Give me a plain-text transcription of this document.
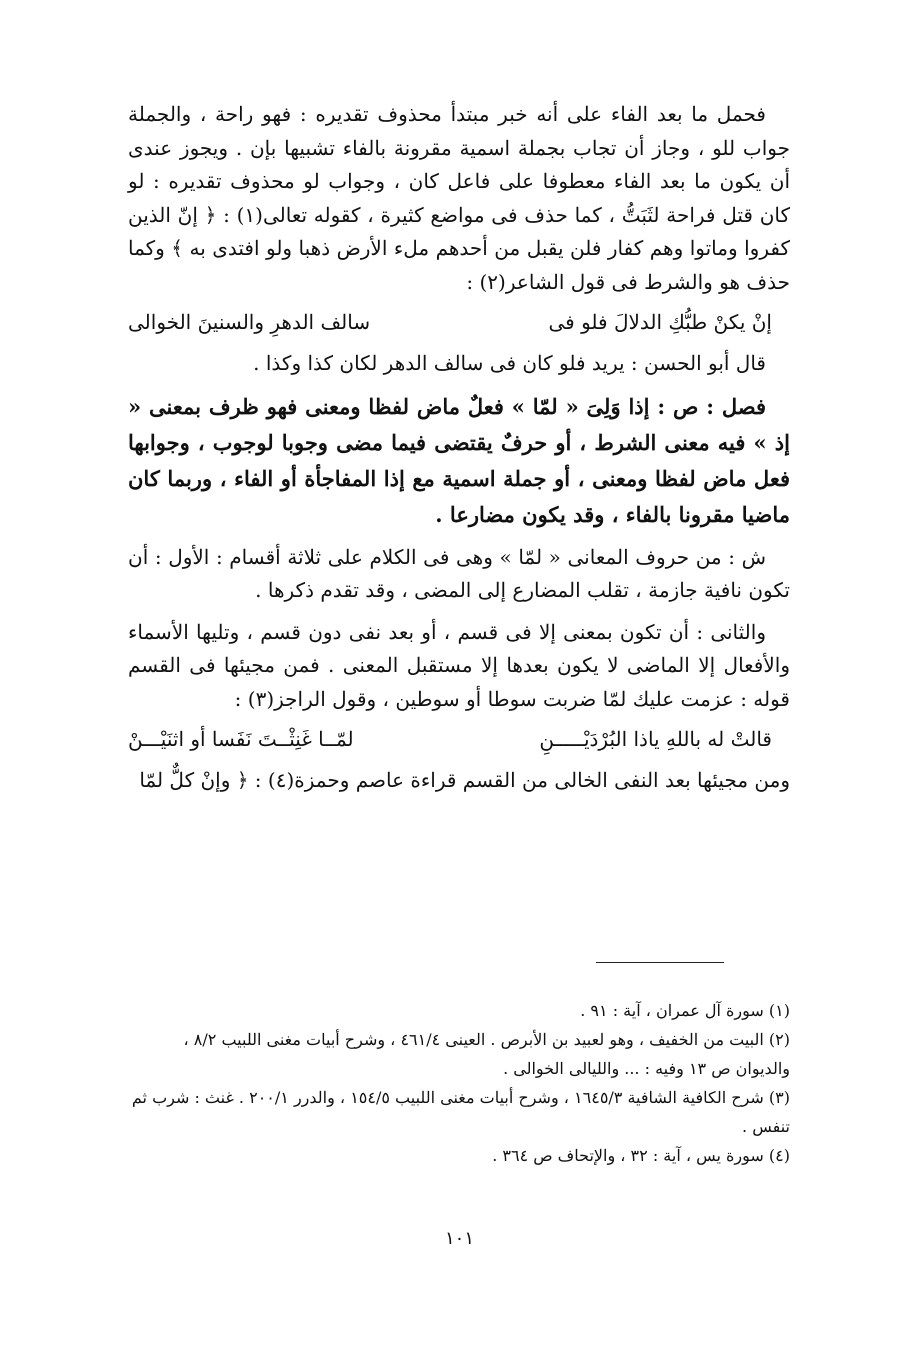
فحمل ما بعد الفاء على أنه خبر مبتدأ محذوف تقديره : فهو راحة ، والجملة جواب للو ، وجاز أن تجاب بجملة اسمية مقرونة بالفاء تشبيها بإن . ويجوز عندى أن يكون ما بعد الفاء معطوفا على فاعل كان ، وجواب لو محذوف تقديره : لو كان قتل فراحة لثَبَتُّ ، كما حذف فى مواضع كثيرة ، كقوله تعالى(١) : ﴿ إنّ الذين كفروا وماتوا وهم كفار فلن يقبل من أحدهم ملء الأرض ذهبا ولو افتدى به ﴾ وكما حذف هو والشرط فى قول الشاعر(٢) :

إنْ يكنْ طبُّكِ الدلالَ فلو فى
سالف الدهرِ والسنينَ الخوالى

قال أبو الحسن : يريد فلو كان فى سالف الدهر لكان كذا وكذا .

فصل : ص : إذا وَلِىَ « لمّا » فعلٌ ماض لفظا ومعنى فهو ظرف بمعنى « إذ » فيه معنى الشرط ، أو حرفٌ يقتضى فيما مضى وجوبا لوجوب ، وجوابها فعل ماض لفظا ومعنى ، أو جملة اسمية مع إذا المفاجأة أو الفاء ، وربما كان ماضيا مقرونا بالفاء ، وقد يكون مضارعا .

ش : من حروف المعانى « لمّا » وهى فى الكلام على ثلاثة أقسام : الأول : أن تكون نافية جازمة ، تقلب المضارع إلى المضى ، وقد تقدم ذكرها .

والثانى : أن تكون بمعنى إلا فى قسم ، أو بعد نفى دون قسم ، وتليها الأسماء والأفعال إلا الماضى لا يكون بعدها إلا مستقبل المعنى . فمن مجيئها فى القسم قوله : عزمت عليك لمّا ضربت سوطا أو سوطين ، وقول الراجز(٣) :

قالتْ له باللهِ ياذا البُرْدَيْـــــنِ
لمّــا غَنِثْــتَ نَفَسا أو اثنَيْـــنْ

ومن مجيئها بعد النفى الخالى من القسم قراءة عاصم وحمزة(٤) : ﴿ وإنْ كلٌّ لمّا

(١) سورة آل عمران ، آية : ٩١ .

(٢) البيت من الخفيف ، وهو لعبيد بن الأبرص . العينى ٤٦١/٤ ، وشرح أبيات مغنى اللبيب ٨/٢ ، والديوان ص ١٣ وفيه : ... والليالى الخوالى .

(٣) شرح الكافية الشافية ١٦٤٥/٣ ، وشرح أبيات مغنى اللبيب ١٥٤/٥ ، والدرر ٢٠٠/١ . غنث : شرب ثم تنفس .

(٤) سورة يس ، آية : ٣٢ ، والإتحاف ص ٣٦٤ .

١٠١
